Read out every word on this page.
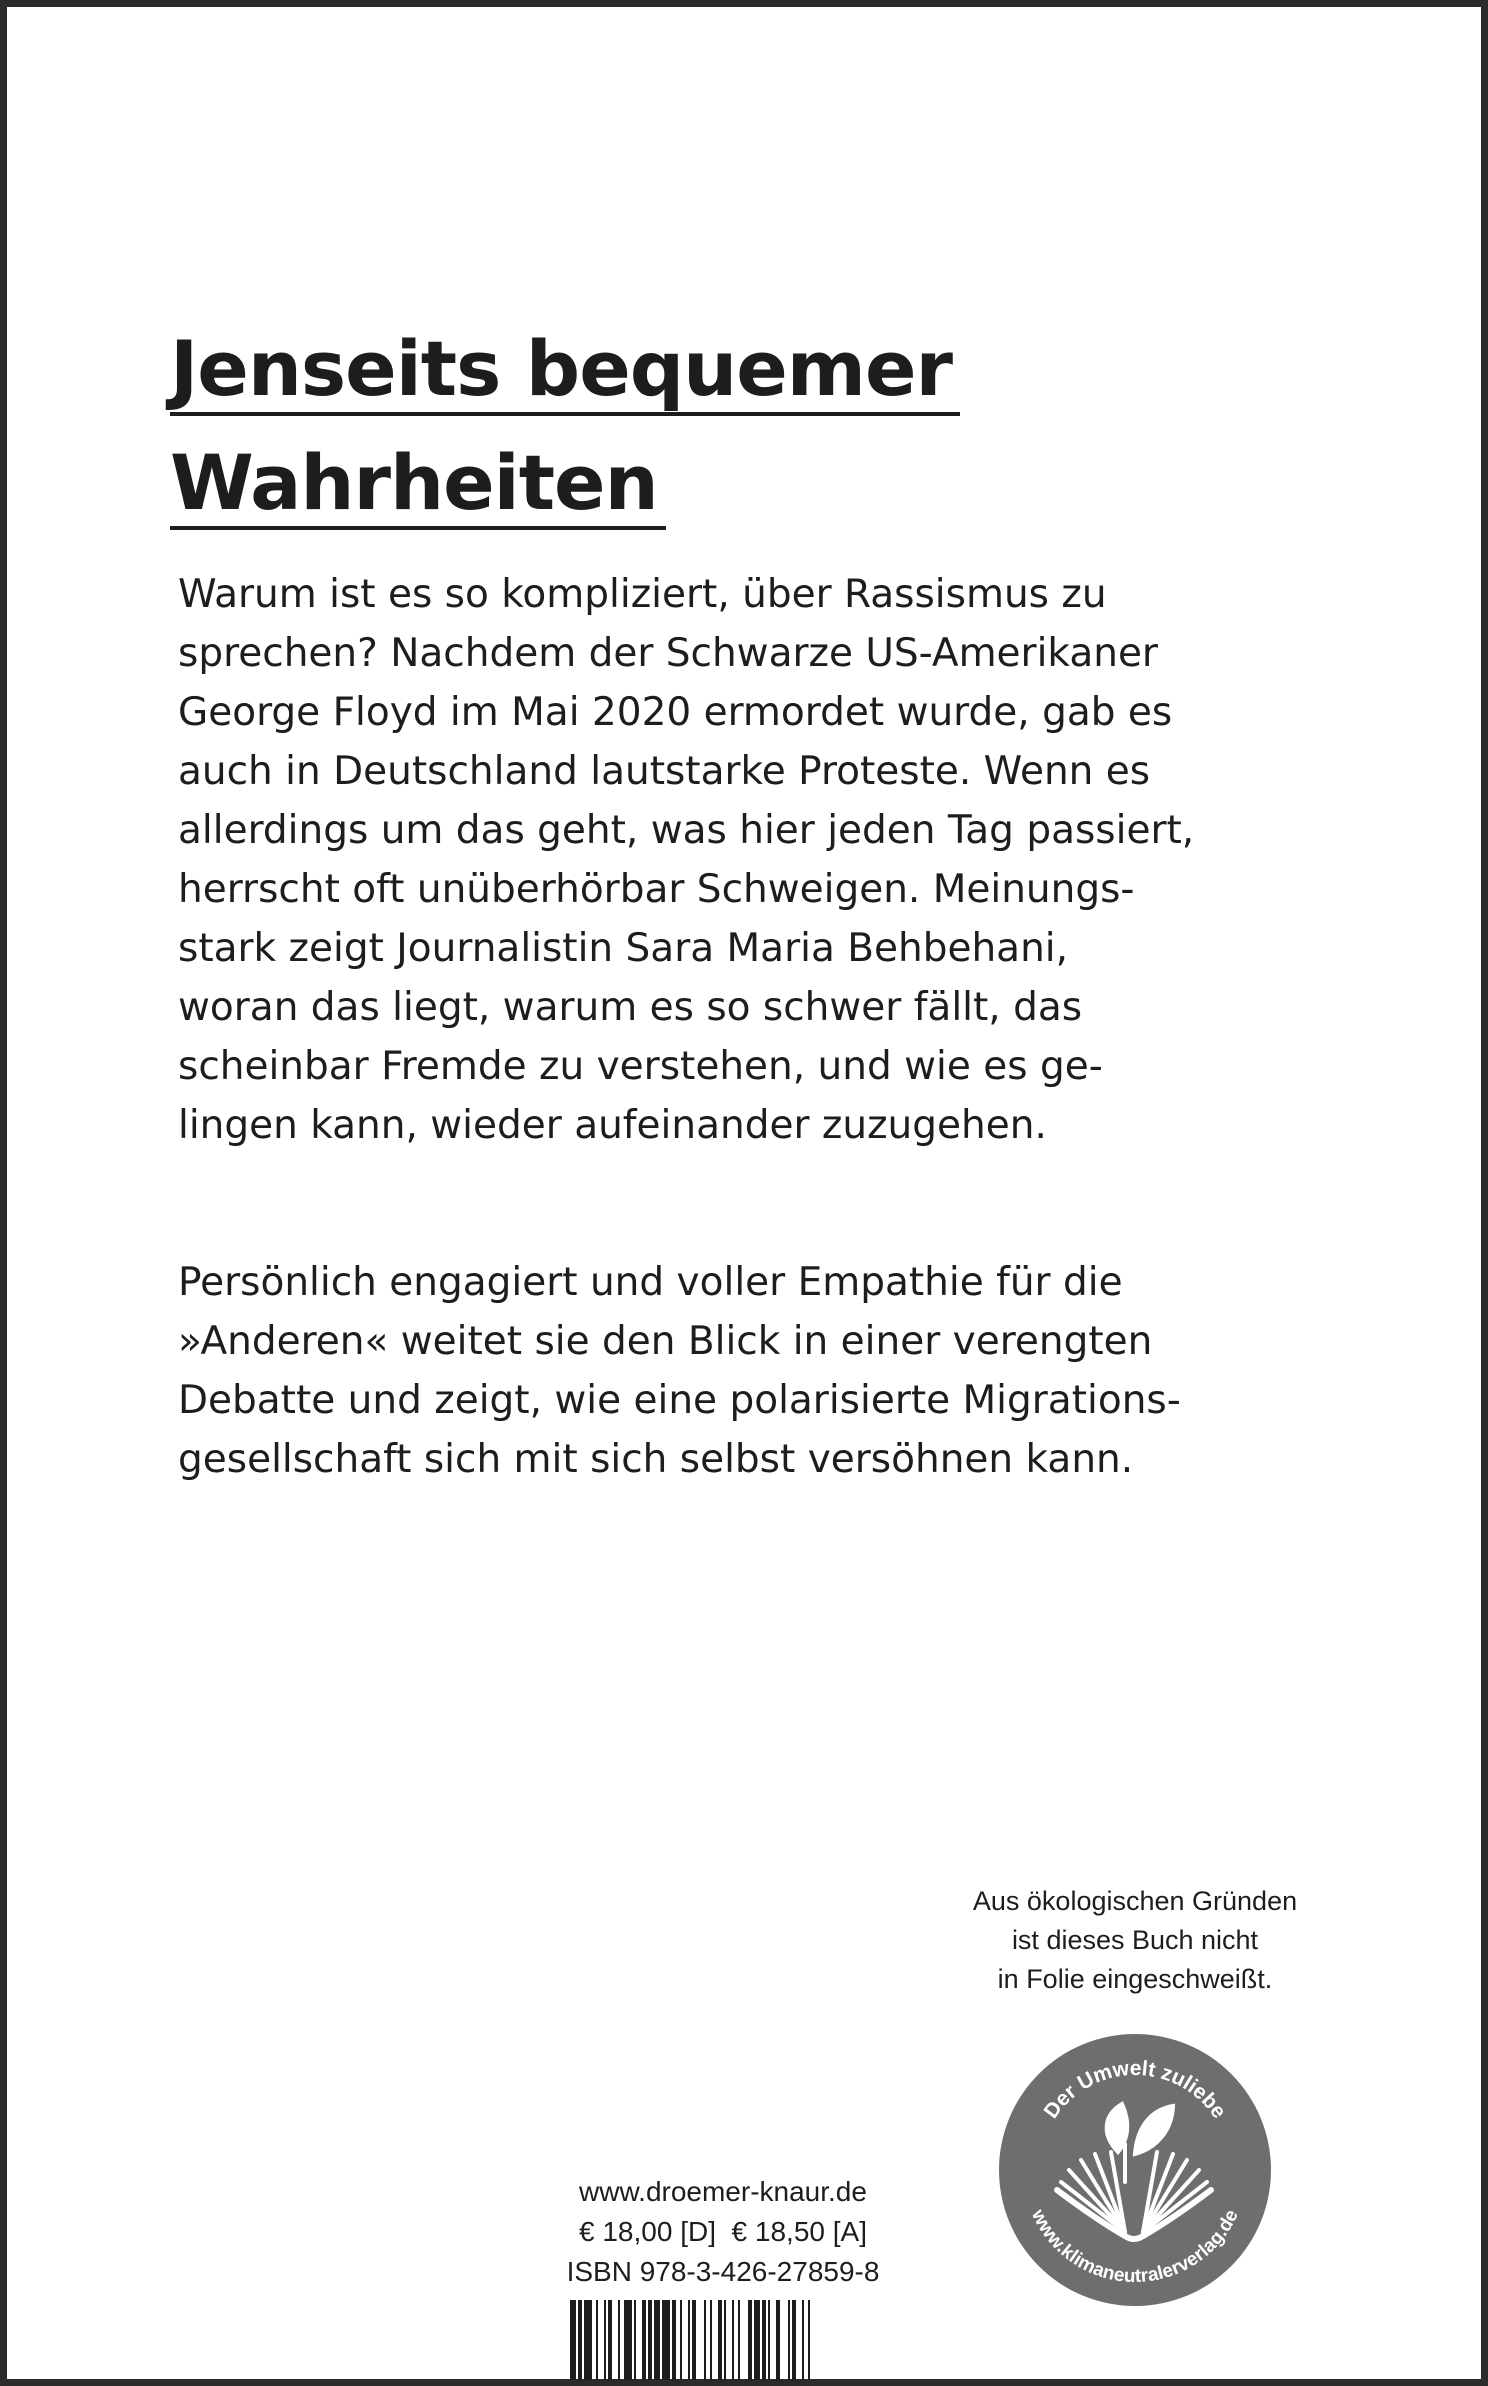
Jenseits bequemer
Wahrheiten

Warum ist es so kompliziert, über Rassismus zu
sprechen? Nachdem der Schwarze US-Amerikaner
George Floyd im Mai 2020 ermordet wurde, gab es
auch in Deutschland lautstarke Proteste. Wenn es
allerdings um das geht, was hier jeden Tag passiert,
herrscht oft unüberhörbar Schweigen. Meinungs-
stark zeigt Journalistin Sara Maria Behbehani,
woran das liegt, warum es so schwer fällt, das
scheinbar Fremde zu verstehen, und wie es ge-
lingen kann, wieder aufeinander zuzugehen.

Persönlich engagiert und voller Empathie für die
»Anderen« weitet sie den Blick in einer verengten
Debatte und zeigt, wie eine polarisierte Migrations-
gesellschaft sich mit sich selbst versöhnen kann.

Aus ökologischen Gründen
ist dieses Buch nicht
in Folie eingeschweißt.
Der Umwelt zuliebe
www.klimaneutralerverlag.de
www.droemer-knaur.de
€ 18,00 [D]  € 18,50 [A]
ISBN 978-3-426-27859-8
